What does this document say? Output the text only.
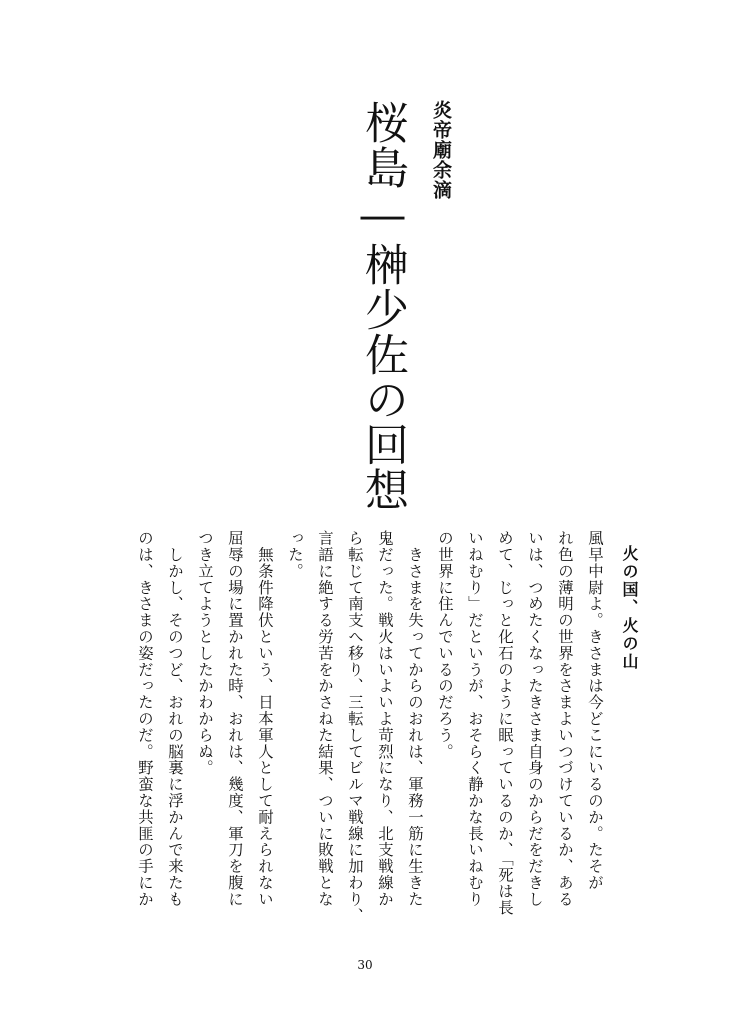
炎帝廟余滴
桜島―榊少佐の回想
火の国、火の山
風早中尉よ。きさまは今どこにいるのか。たそが
れ色の薄明の世界をさまよいつづけているか、ある
いは、つめたくなったきさま自身のからだをだきし
めて、じっと化石のように眠っているのか、「死は長
いねむり」だというが、おそらく静かな長いねむり
の世界に住んでいるのだろう。
　きさまを失ってからのおれは、軍務一筋に生きた
鬼だった。戦火はいよいよ苛烈になり、北支戦線か
ら転じて南支へ移り、三転してビルマ戦線に加わり、
言語に絶する労苦をかさねた結果、ついに敗戦とな
った。
　無条件降伏という、日本軍人として耐えられない
屈辱の場に置かれた時、おれは、幾度、軍刀を腹に
つき立てようとしたかわからぬ。
　しかし、そのつど、おれの脳裏に浮かんで来たも
のは、きさまの姿だったのだ。野蛮な共匪の手にか
30
